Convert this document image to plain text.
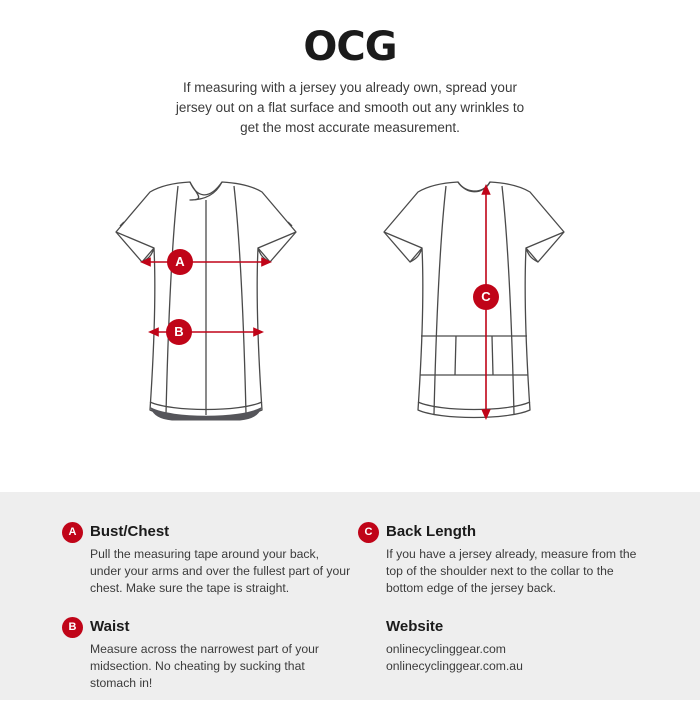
OCG
If measuring with a jersey you already own, spread your jersey out on a flat surface and smooth out any wrinkles to get the most accurate measurement.
A
B
C
A Bust/Chest

Pull the measuring tape around your back, under your arms and over the fullest part of your chest. Make sure the tape is straight.

B Waist

Measure across the narrowest part of your midsection. No cheating by sucking that stomach in!

C Back Length

If you have a jersey already, measure from the top of the shoulder next to the collar to the bottom edge of the jersey back.

Website

onlinecyclinggear.com

onlinecyclinggear.com.au
